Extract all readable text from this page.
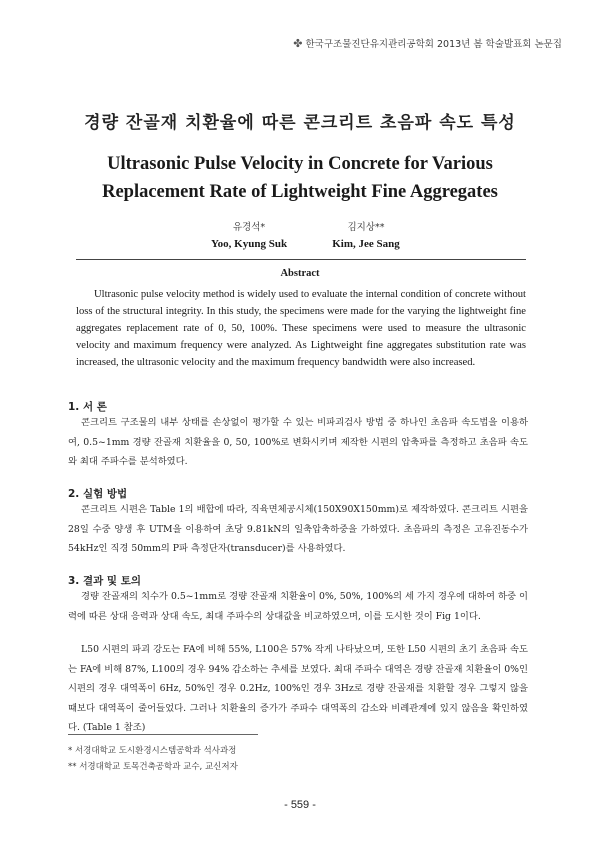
✤ 한국구조물진단유지관리공학회 2013년 봄 학술발표회 논문집
경량 잔골재 치환율에 따른 콘크리트 초음파 속도 특성
Ultrasonic Pulse Velocity in Concrete for Various
Replacement Rate of Lightweight Fine Aggregates
유경석*
Yoo, Kyung Suk
김지상**
Kim, Jee Sang
Abstract

Ultrasonic pulse velocity method is widely used to evaluate the internal condition of concrete without loss of the structural integrity. In this study, the specimens were made for the varying the lightweight fine aggregates replacement rate of 0, 50, 100%. These specimens were used to measure the ultrasonic velocity and maximum frequency were analyzed. As Lightweight fine aggregates substitution rate was increased, the ultrasonic velocity and the maximum frequency bandwidth were also increased.

1. 서 론

콘크리트 구조물의 내부 상태를 손상없이 평가할 수 있는 비파괴검사 방법 중 하나인 초음파 속도법을 이용하여, 0.5~1mm 경량 잔골재 치환율을 0, 50, 100%로 변화시키며 제작한 시편의 압축파를 측정하고 초음파 속도와 최대 주파수를 분석하였다.

2. 실험 방법

콘크리트 시편은 Table 1의 배합에 따라, 직육면체공시체(150X90X150mm)로 제작하였다. 콘크리트 시편을 28일 수중 양생 후 UTM을 이용하여 초당 9.81kN의 일축압축하중을 가하였다. 초음파의 측정은 고유진동수가 54kHz인 직경 50mm의 P파 측정단자(transducer)를 사용하였다.

3. 결과 및 토의

경량 잔골재의 치수가 0.5~1mm로 경량 잔골재 치환율이 0%, 50%, 100%의 세 가지 경우에 대하여 하중 이력에 따른 상대 응력과 상대 속도, 최대 주파수의 상대값을 비교하였으며, 이를 도시한 것이 Fig 1이다.

L50 시편의 파괴 강도는 FA에 비해 55%, L100은 57% 작게 나타났으며, 또한 L50 시편의 초기 초음파 속도는 FA에 비해 87%, L100의 경우 94% 감소하는 추세를 보였다. 최대 주파수 대역은 경량 잔골재 치환율이 0%인 시편의 경우 대역폭이 6Hz, 50%인 경우 0.2Hz, 100%인 경우 3Hz로 경량 잔골재를 치환할 경우 그렇지 않을 때보다 대역폭이 줄어들었다. 그러나 치환율의 증가가 주파수 대역폭의 감소와 비례관계에 있지 않음을 확인하였다. (Table 1 참조)

* 서경대학교 도시환경시스템공학과 석사과정
** 서경대학교 토목건축공학과 교수, 교신저자
- 559 -
